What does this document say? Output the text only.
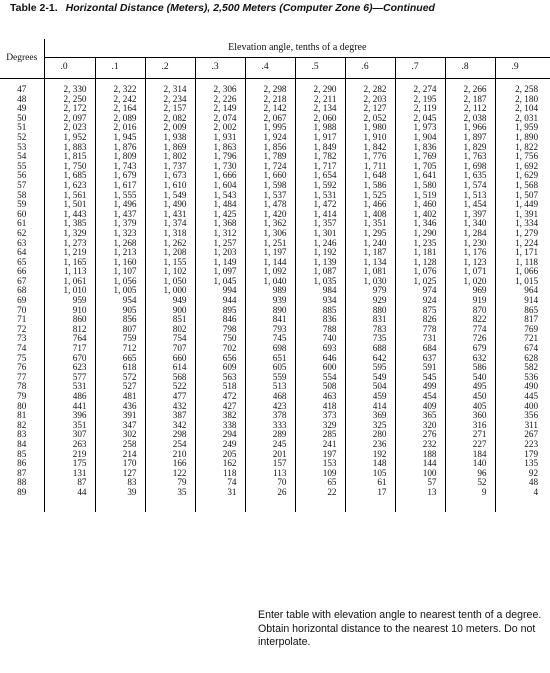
Table 2-1. Horizontal Distance (Meters), 2,500 Meters (Computer Zone 6)—Continued
Degrees	Elevation angle, tenths of a degree									
	.0	.1	.2	.3	.4	.5	.6	.7	.8	.9

47	2, 330	2, 322	2, 314	2, 306	2, 298	2, 290	2, 282	2, 274	2, 266	2, 258
48	2, 250	2, 242	2, 234	2, 226	2, 218	2, 211	2, 203	2, 195	2, 187	2, 180
49	2, 172	2, 164	2, 157	2, 149	2, 142	2, 134	2, 127	2, 119	2, 112	2, 104
50	2, 097	2, 089	2, 082	2, 074	2, 067	2, 060	2, 052	2, 045	2, 038	2, 031
51	2, 023	2, 016	2, 009	2, 002	1, 995	1, 988	1, 980	1, 973	1, 966	1, 959
52	1, 952	1, 945	1, 938	1, 931	1, 924	1, 917	1, 910	1, 904	1, 897	1, 890
53	1, 883	1, 876	1, 869	1, 863	1, 856	1, 849	1, 842	1, 836	1, 829	1, 822
54	1, 815	1, 809	1, 802	1, 796	1, 789	1, 782	1, 776	1, 769	1, 763	1, 756
55	1, 750	1, 743	1, 737	1, 730	1, 724	1, 717	1, 711	1, 705	1, 698	1, 692
56	1, 685	1, 679	1, 673	1, 666	1, 660	1, 654	1, 648	1, 641	1, 635	1, 629
57	1, 623	1, 617	1, 610	1, 604	1, 598	1, 592	1, 586	1, 580	1, 574	1, 568
58	1, 561	1, 555	1, 549	1, 543	1, 537	1, 531	1, 525	1, 519	1, 513	1, 507
59	1, 501	1, 496	1, 490	1, 484	1, 478	1, 472	1, 466	1, 460	1, 454	1, 449
60	1, 443	1, 437	1, 431	1, 425	1, 420	1, 414	1, 408	1, 402	1, 397	1, 391
61	1, 385	1, 379	1, 374	1, 368	1, 362	1, 357	1, 351	1, 346	1, 340	1, 334
62	1, 329	1, 323	1, 318	1, 312	1, 306	1, 301	1, 295	1, 290	1, 284	1, 279
63	1, 273	1, 268	1, 262	1, 257	1, 251	1, 246	1, 240	1, 235	1, 230	1, 224
64	1, 219	1, 213	1, 208	1, 203	1, 197	1, 192	1, 187	1, 181	1, 176	1, 171
65	1, 165	1, 160	1, 155	1, 149	1, 144	1, 139	1, 134	1, 128	1, 123	1, 118
66	1, 113	1, 107	1, 102	1, 097	1, 092	1, 087	1, 081	1, 076	1, 071	1, 066
67	1, 061	1, 056	1, 050	1, 045	1, 040	1, 035	1, 030	1, 025	1, 020	1, 015
68	1, 010	1, 005	1, 000	994	989	984	979	974	969	964
69	959	954	949	944	939	934	929	924	919	914
70	910	905	900	895	890	885	880	875	870	865
71	860	856	851	846	841	836	831	826	822	817
72	812	807	802	798	793	788	783	778	774	769
73	764	759	754	750	745	740	735	731	726	721
74	717	712	707	702	698	693	688	684	679	674
75	670	665	660	656	651	646	642	637	632	628
76	623	618	614	609	605	600	595	591	586	582
77	577	572	568	563	559	554	549	545	540	536
78	531	527	522	518	513	508	504	499	495	490
79	486	481	477	472	468	463	459	454	450	445
80	441	436	432	427	423	418	414	409	405	400
81	396	391	387	382	378	373	369	365	360	356
82	351	347	342	338	333	329	325	320	316	311
83	307	302	298	294	289	285	280	276	271	267
84	263	258	254	249	245	241	236	232	227	223
85	219	214	210	205	201	197	192	188	184	179
86	175	170	166	162	157	153	148	144	140	135
87	131	127	122	118	113	109	105	100	96	92
88	87	83	79	74	70	65	61	57	52	48
89	44	39	35	31	26	22	17	13	9	4

Enter table with elevation angle to nearest tenth of a degree. Obtain horizontal distance to the nearest 10 meters. Do not interpolate.
